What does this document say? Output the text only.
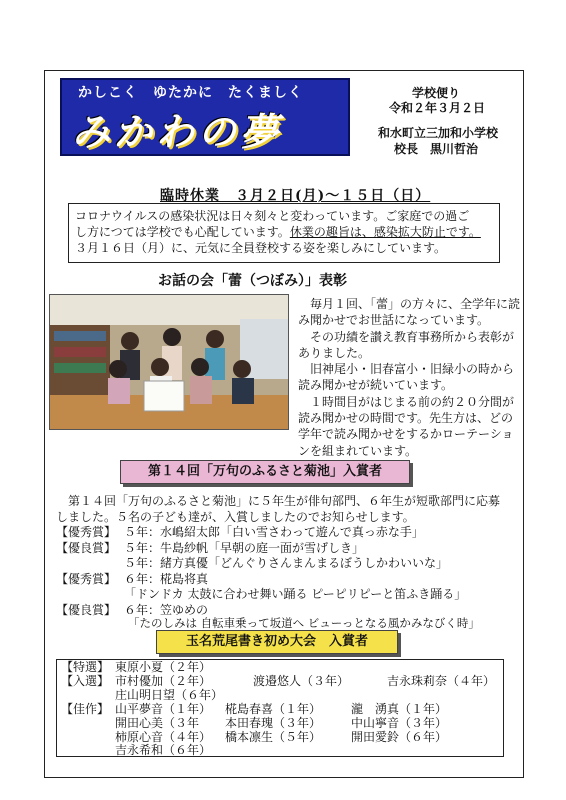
かしこく　ゆたかに　たくましく
みかわの夢
学校便り
令和２年３月２日
和水町立三加和小学校
校長　黒川哲治
臨時休業　３月２日(月)～１５日（日）
コロナウイルスの感染状況は日々刻々と変わっています。ご家庭での過ご
し方につては学校でも心配しています。休業の趣旨は、感染拡大防止です。
３月１６日（月）に、元気に全員登校する姿を楽しみにしています。
お話の会「蕾（つぼみ）」表彰
毎月１回、「蕾」の方々に、全学年に読み聞かせでお世話になっています。
その功績を讃え教育事務所から表彰がありました。
旧神尾小・旧春富小・旧緑小の時から読み聞かせが続いています。
１時間目がはじまる前の約２０分間が読み聞かせの時間です。先生方は、どの学年で読み聞かせをするかローテーションを組まれています。
第１４回「万句のふるさと菊池」入賞者
　第１４回「万句のふるさと菊池」に５年生が俳句部門、６年生が短歌部門に応募
しました。５名の子ども達が、入賞しましたのでお知らせします。
【優秀賞】 ５年：水嶋紹太郎「白い雪さわって遊んで真っ赤な手」
【優良賞】 ５年：牛島紗帆「早朝の庭一面が雪げしき」
５年：緒方真優「どんぐりさんまんまるぼうしかわいいな」
【優秀賞】 ６年：椛島将真
「ドンドカ 太鼓に合わせ舞い踊る ピーピリピーと笛ふき踊る」
【優良賞】 ６年：笠ゆめの
「たのしみは 自転車乗って坂道へ ビューっとなる風かみなびく時」
玉名荒尾書き初め大会　入賞者
【特選】 東原小夏（２年）
【入選】 市村優加（２年）	渡邉悠人（３年）	吉永珠莉奈（４年）
庄山明日望（６年）
【佳作】 山平夢音（１年） 椛島春喜（１年） 瀧　湧真（１年）
開田心美（３年 本田春瑰（３年） 中山寧音（３年）
柿原心音（４年） 橋本凛生（５年） 開田愛鈴（６年）
吉永希和（６年）
